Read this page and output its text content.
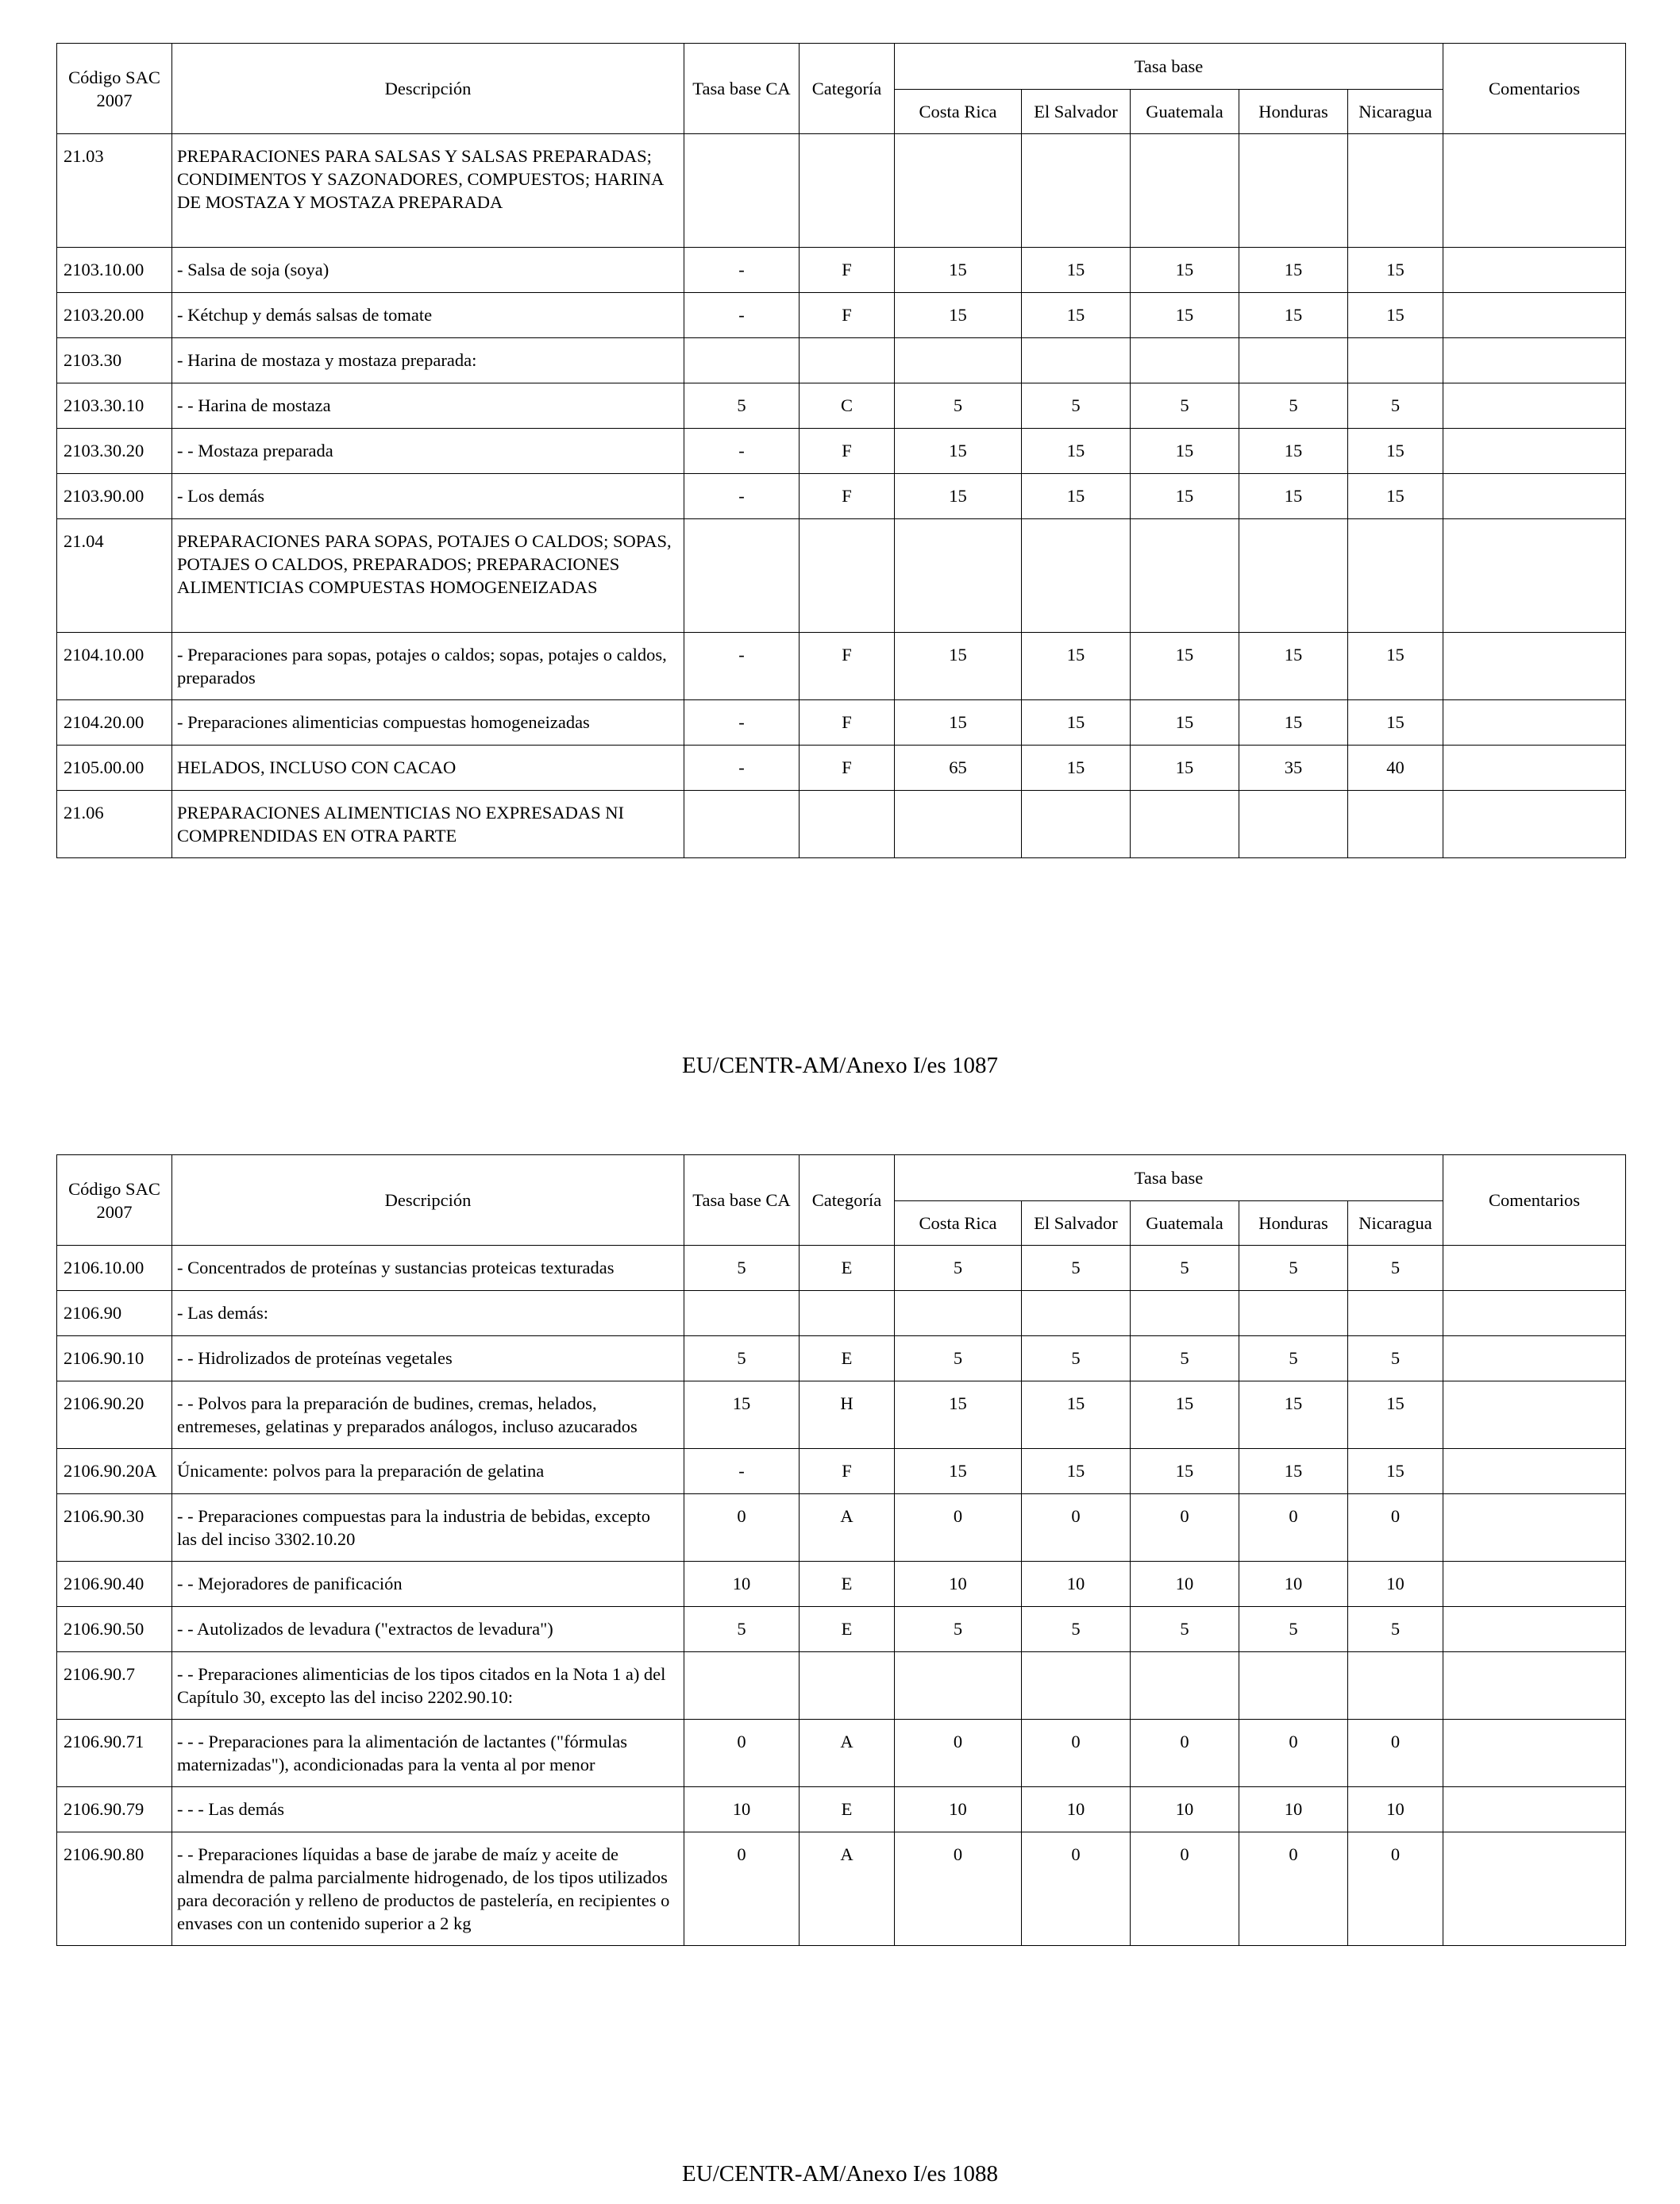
Código SAC 2007	Descripción	Tasa base CA	Categoría	Tasa base					Comentarios
				Costa Rica	El Salvador	Guatemala	Honduras	Nicaragua	
21.03	PREPARACIONES PARA SALSAS Y SALSAS PREPARADAS; CONDIMENTOS Y SAZONADORES, COMPUESTOS; HARINA DE MOSTAZA Y MOSTAZA PREPARADA								
2103.10.00	- Salsa de soja (soya)	-	F	15	15	15	15	15	
2103.20.00	- Kétchup y demás salsas de tomate	-	F	15	15	15	15	15	
2103.30	- Harina de mostaza y mostaza preparada:								
2103.30.10	- - Harina de mostaza	5	C	5	5	5	5	5	
2103.30.20	- - Mostaza preparada	-	F	15	15	15	15	15	
2103.90.00	- Los demás	-	F	15	15	15	15	15	
21.04	PREPARACIONES PARA SOPAS, POTAJES O CALDOS; SOPAS, POTAJES O CALDOS, PREPARADOS; PREPARACIONES ALIMENTICIAS COMPUESTAS HOMOGENEIZADAS								
2104.10.00	- Preparaciones para sopas, potajes o caldos; sopas, potajes o caldos, preparados	-	F	15	15	15	15	15	
2104.20.00	- Preparaciones alimenticias compuestas homogeneizadas	-	F	15	15	15	15	15	
2105.00.00	HELADOS, INCLUSO CON CACAO	-	F	65	15	15	35	40	
21.06	PREPARACIONES ALIMENTICIAS NO EXPRESADAS NI COMPRENDIDAS EN OTRA PARTE								
EU/CENTR-AM/Anexo I/es 1087
Código SAC 2007	Descripción	Tasa base CA	Categoría	Tasa base					Comentarios
				Costa Rica	El Salvador	Guatemala	Honduras	Nicaragua	
2106.10.00	- Concentrados de proteínas y sustancias proteicas texturadas	5	E	5	5	5	5	5	
2106.90	- Las demás:								
2106.90.10	- - Hidrolizados de proteínas vegetales	5	E	5	5	5	5	5	
2106.90.20	- - Polvos para la preparación de budines, cremas, helados, entremeses, gelatinas y preparados análogos, incluso azucarados	15	H	15	15	15	15	15	
2106.90.20A	Únicamente: polvos para la preparación de gelatina	-	F	15	15	15	15	15	
2106.90.30	- - Preparaciones compuestas para la industria de bebidas, excepto las del inciso 3302.10.20	0	A	0	0	0	0	0	
2106.90.40	- - Mejoradores de panificación	10	E	10	10	10	10	10	
2106.90.50	- - Autolizados de levadura ("extractos de levadura")	5	E	5	5	5	5	5	
2106.90.7	- - Preparaciones alimenticias de los tipos citados en la Nota 1 a) del Capítulo 30, excepto las del inciso 2202.90.10:								
2106.90.71	- - - Preparaciones para la alimentación de lactantes ("fórmulas maternizadas"), acondicionadas para la venta al por menor	0	A	0	0	0	0	0	
2106.90.79	- - - Las demás	10	E	10	10	10	10	10	
2106.90.80	- - Preparaciones líquidas a base de jarabe de maíz y aceite de almendra de palma parcialmente hidrogenado, de los tipos utilizados para decoración y relleno de productos de pastelería, en recipientes o envases con un contenido superior a 2 kg	0	A	0	0	0	0	0	
EU/CENTR-AM/Anexo I/es 1088
